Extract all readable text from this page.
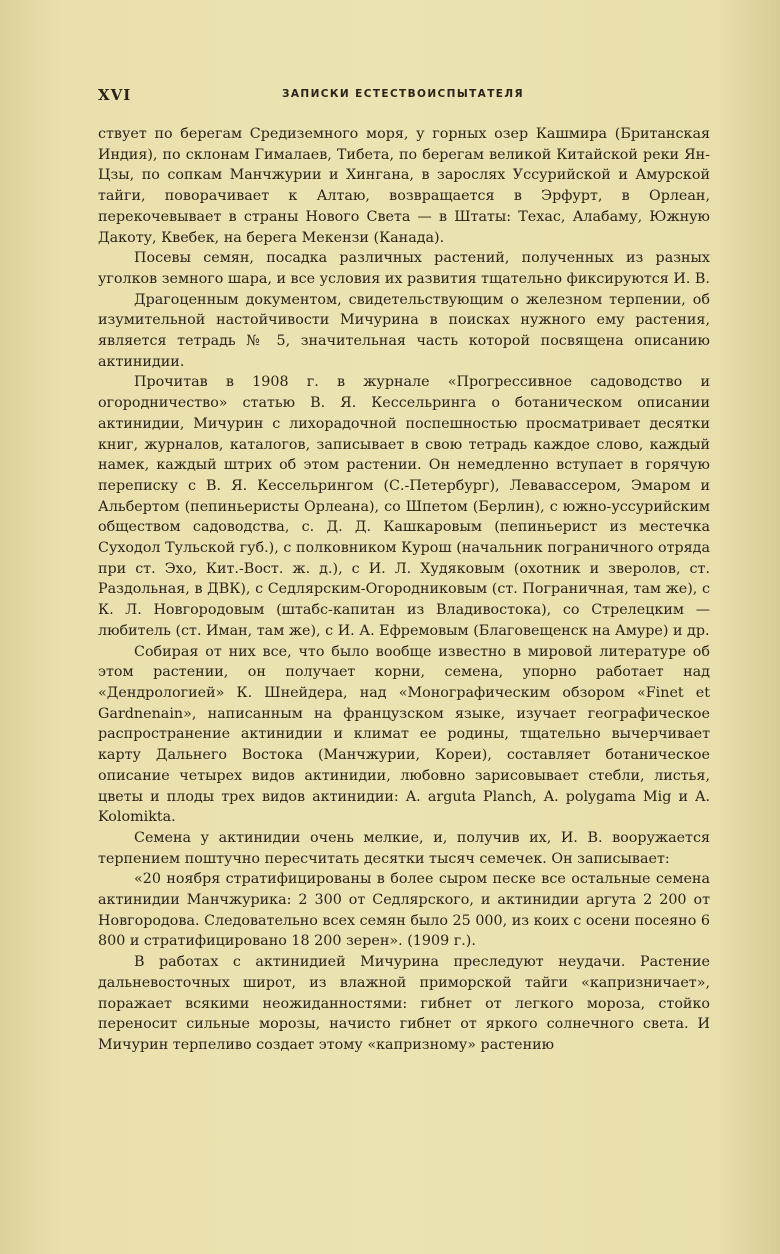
XVI	ЗАПИСКИ ЕСТЕСТВОИСПЫТАТЕЛЯ

ствует по берегам Средиземного моря, у горных озер Кашмира (Британская Индия), по склонам Гималаев, Тибета, по берегам великой Китайской реки Ян-Цзы, по сопкам Манчжурии и Хингана, в зарослях Уссурийской и Амурской тайги, поворачивает к Алтаю, возвращается в Эрфурт, в Орлеан, перекочевывает в страны Нового Света — в Штаты: Техас, Алабаму, Южную Дакоту, Квебек, на берега Мекензи (Канада).

Посевы семян, посадка различных растений, полученных из разных уголков земного шара, и все условия их развития тщательно фиксируются И. В.

Драгоценным документом, свидетельствующим о железном терпении, об изумительной настойчивости Мичурина в поисках нужного ему растения, является тетрадь № 5, значительная часть которой посвящена описанию актинидии.

Прочитав в 1908 г. в журнале «Прогрессивное садоводство и огородничество» статью В. Я. Кессельринга о ботаническом описании актинидии, Мичурин с лихорадочной поспешностью просматривает десятки книг, журналов, каталогов, записывает в свою тетрадь каждое слово, каждый намек, каждый штрих об этом растении. Он немедленно вступает в горячую переписку с В. Я. Кессельрингом (С.-Петербург), Левавассером, Эмаром и Альбертом (пепиньеристы Орлеана), со Шпетом (Берлин), с южно-уссурийским обществом садоводства, с. Д. Д. Кашкаровым (пепиньерист из местечка Суходол Тульской губ.), с полковником Курош (начальник пограничного отряда при ст. Эхо, Кит.-Вост. ж. д.), с И. Л. Худяковым (охотник и зверолов, ст. Раздольная, в ДВК), с Седлярским-Огородниковым (ст. Пограничная, там же), с К. Л. Новгородовым (штабс-капитан из Владивостока), со Стрелецким — любитель (ст. Иман, там же), с И. А. Ефремовым (Благовещенск на Амуре) и др.

Собирая от них все, что было вообще известно в мировой литературе об этом растении, он получает корни, семена, упорно работает над «Дендрологией» К. Шнейдера, над «Монографическим обзором «Finet et Gardnenain», написанным на французском языке, изучает географическое распространение актинидии и климат ее родины, тщательно вычерчивает карту Дальнего Востока (Манчжурии, Кореи), составляет ботаническое описание четырех видов актинидии, любовно зарисовывает стебли, листья, цветы и плоды трех видов актинидии: A. arguta Planch, A. polygama Mig и A. Kolomikta.

Семена у актинидии очень мелкие, и, получив их, И. В. вооружается терпением поштучно пересчитать десятки тысяч семечек. Он записывает:

«20 ноября стратифицированы в более сыром песке все остальные семена актинидии Манчжурика: 2 300 от Седлярского, и актинидии аргута 2 200 от Новгородова. Следовательно всех семян было 25 000, из коих с осени посеяно 6 800 и стратифицировано 18 200 зерен». (1909 г.).

В работах с актинидией Мичурина преследуют неудачи. Растение дальневосточных широт, из влажной приморской тайги «капризничает», поражает всякими неожиданностями: гибнет от легкого мороза, стойко переносит сильные морозы, начисто гибнет от яркого солнечного света. И Мичурин терпеливо создает этому «капризному» растению
